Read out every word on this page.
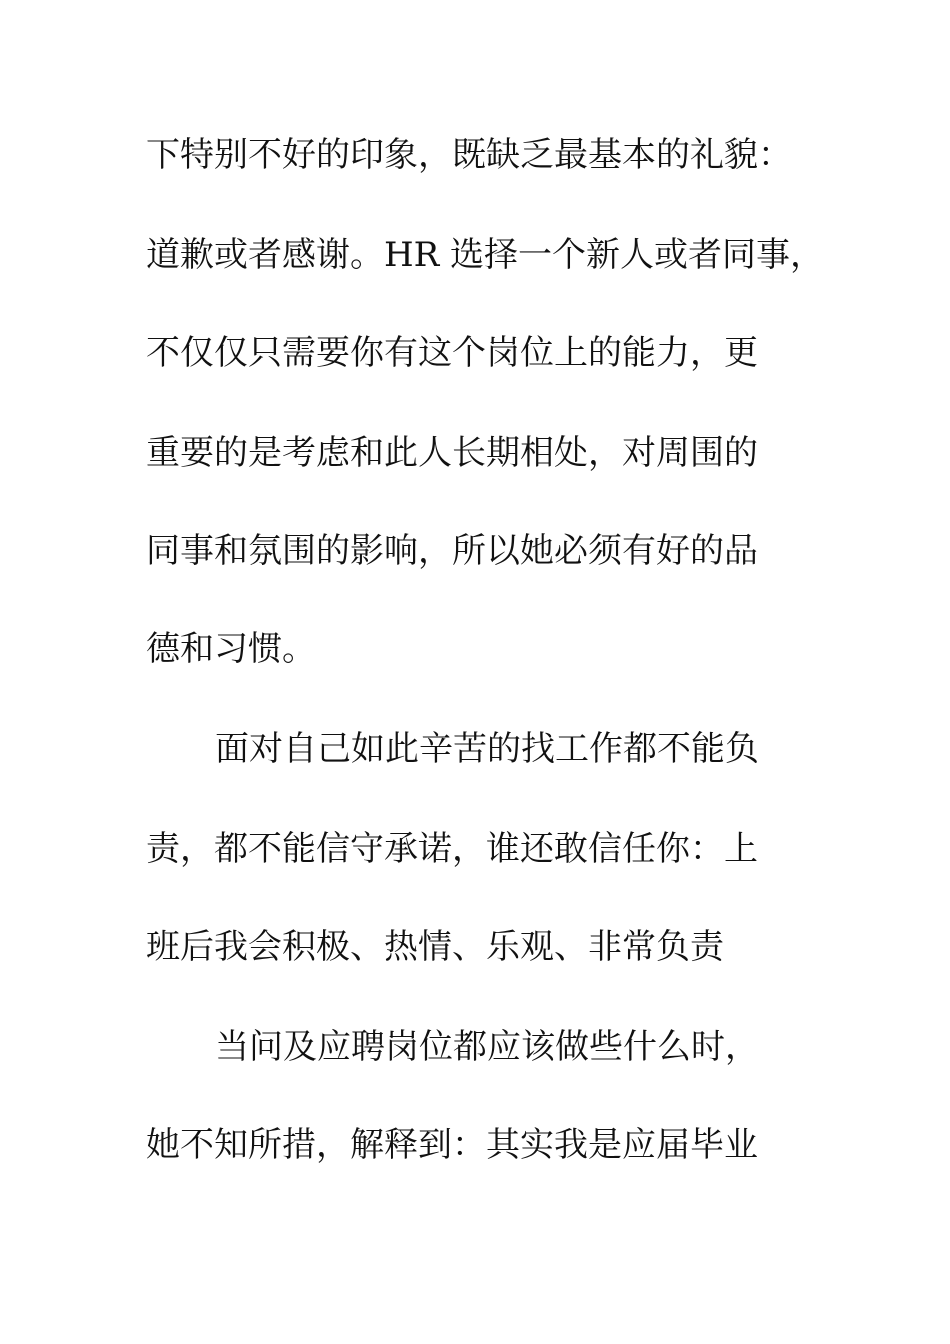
下特别不好的印象，既缺乏最基本的礼貌：
道歉或者感谢。HR 选择一个新人或者同事，
不仅仅只需要你有这个岗位上的能力，更
重要的是考虑和此人长期相处，对周围的
同事和氛围的影响，所以她必须有好的品
德和习惯。
面对自己如此辛苦的找工作都不能负
责，都不能信守承诺，谁还敢信任你：上
班后我会积极、热情、乐观、非常负责
当问及应聘岗位都应该做些什么时，
她不知所措，解释到：其实我是应届毕业
